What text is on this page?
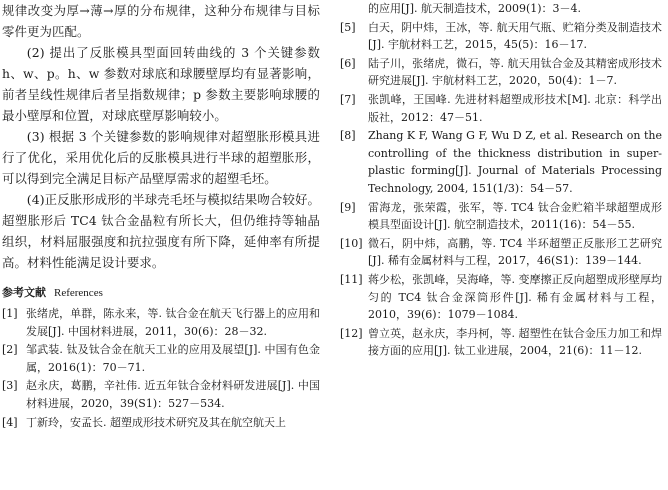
规律改变为厚→薄→厚的分布规律，这种分布规律与目标零件更为匹配。

(2) 提出了反胀模具型面回转曲线的 3 个关键参数 h、w、p。h、w 参数对球底和球腰壁厚均有显著影响，前者呈线性规律后者呈指数规律；p 参数主要影响球腰的最小壁厚和位置，对球底壁厚影响较小。

(3) 根据 3 个关键参数的影响规律对超塑胀形模具进行了优化，采用优化后的反胀模具进行半球的超塑胀形，可以得到完全满足目标产品壁厚需求的超塑毛坯。

(4)正反胀形成形的半球壳毛坯与模拟结果吻合较好。超塑胀形后 TC4 钛合金晶粒有所长大，但仍维持等轴晶组织，材料屈服强度和抗拉强度有所下降，延伸率有所提高。材料性能满足设计要求。

参考文献 References
[1] 张绪虎，单群，陈永来，等. 钛合金在航天飞行器上的应用和发展[J]. 中国材料进展，2011，30(6)：28－32.
[2] 邹武装. 钛及钛合金在航天工业的应用及展望[J]. 中国有色金属，2016(1)：70－71.
[3] 赵永庆，葛鹏，辛社伟. 近五年钛合金材料研发进展[J]. 中国材料进展，2020，39(S1)：527－534.
[4] 丁新玲，安孟长. 超塑成形技术研究及其在航空航天上
的应用[J]. 航天制造技术，2009(1)：3－4.
[5] 白天，阴中炜，王冰，等. 航天用气瓶、贮箱分类及制造技术[J]. 宇航材料工艺，2015，45(5)：16－17.
[6] 陆子川，张绪虎，微石，等. 航天用钛合金及其精密成形技术研究进展[J]. 宇航材料工艺，2020，50(4)：1－7.
[7] 张凯峰，王国峰. 先进材料超塑成形技术[M]. 北京：科学出版社，2012：47－51.
[8] Zhang K F, Wang G F, Wu D Z, et al. Research on the controlling of the thickness distribution in super-plastic forming[J]. Journal of Materials Processing Technology, 2004, 151(1/3)：54－57.
[9] 雷海龙，张荣霞，张军，等. TC4 钛合金贮箱半球超塑成形模具型面设计[J]. 航空制造技术，2011(16)：54－55.
[10] 微石，阴中炜，高鹏，等. TC4 半环超塑正反胀形工艺研究[J]. 稀有金属材料与工程，2017，46(S1)：139－144.
[11] 蒋少松，张凯峰，吴海峰，等. 变摩擦正反向超塑成形壁厚均匀的 TC4 钛合金深筒形件[J]. 稀有金属材料与工程，2010，39(6)：1079－1084.
[12] 曾立英，赵永庆，李丹柯，等. 超塑性在钛合金压力加工和焊接方面的应用[J]. 钛工业进展，2004，21(6)：11－12.
